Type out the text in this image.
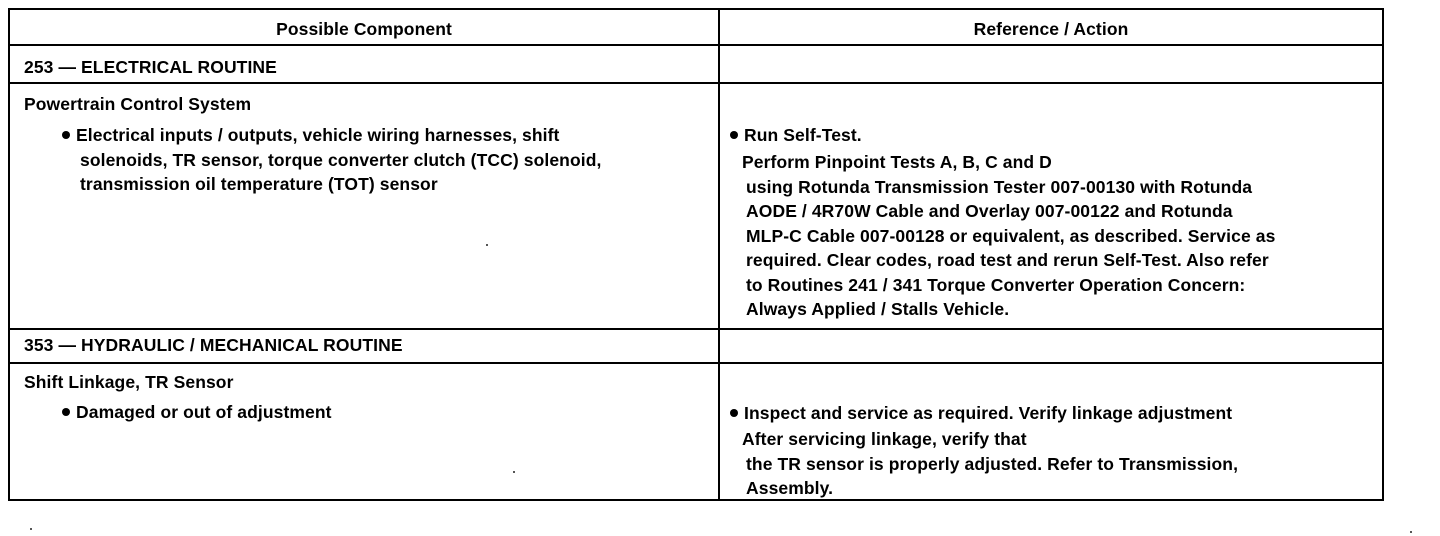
Possible Component	Reference / Action
253 — ELECTRICAL ROUTINE
Powertrain Control System
Electrical inputs / outputs, vehicle wiring harnesses, shift
solenoids, TR sensor, torque converter clutch (TCC) solenoid,
transmission oil temperature (TOT) sensor
Run Self-Test.
Perform Pinpoint Tests A, B, C and D
using Rotunda Transmission Tester 007-00130 with Rotunda
AODE / 4R70W Cable and Overlay 007-00122 and Rotunda
MLP-C Cable 007-00128 or equivalent, as described. Service as
required. Clear codes, road test and rerun Self-Test. Also refer
to Routines 241 / 341 Torque Converter Operation Concern:
Always Applied / Stalls Vehicle.
353 — HYDRAULIC / MECHANICAL ROUTINE
Shift Linkage, TR Sensor
Damaged or out of adjustment	Inspect and service as required. Verify linkage adjustment
After servicing linkage, verify that
the TR sensor is properly adjusted. Refer to Transmission,
Assembly.
